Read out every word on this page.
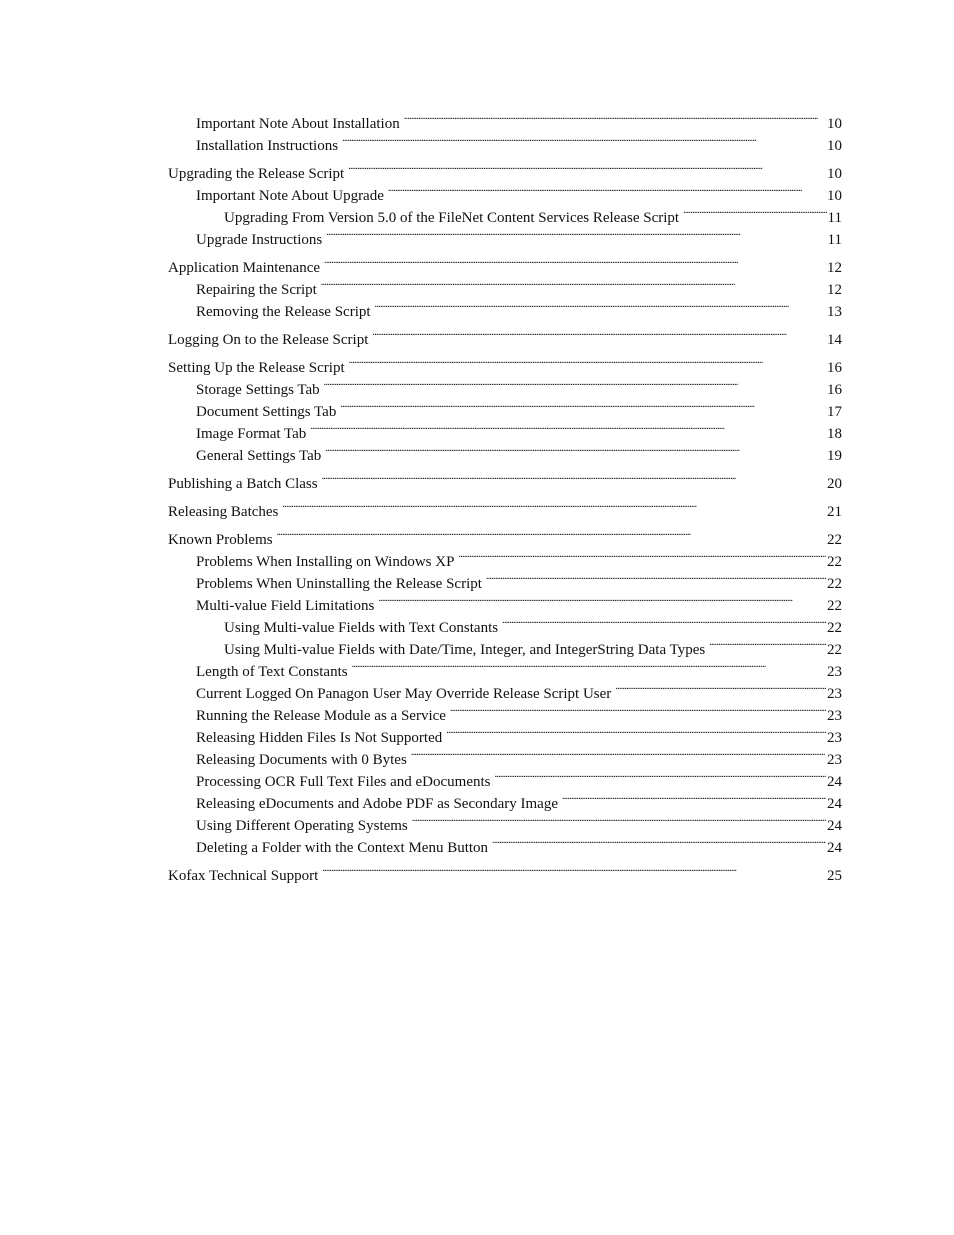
Important Note About Installation . . .	10
Installation Instructions . . .	10
Upgrading the Release Script . . .	10
Important Note About Upgrade . . .	10
Upgrading From Version 5.0 of the FileNet Content Services Release Script . . .	11
Upgrade Instructions . . .	11
Application Maintenance . . .	12
Repairing the Script . . .	12
Removing the Release Script . . .	13
Logging On to the Release Script . . .	14
Setting Up the Release Script . . .	16
Storage Settings Tab . . .	16
Document Settings Tab . . .	17
Image Format Tab . . .	18
General Settings Tab . . .	19
Publishing a Batch Class . . .	20
Releasing Batches . . .	21
Known Problems . . .	22
Problems When Installing on Windows XP . . .	22
Problems When Uninstalling the Release Script . . .	22
Multi-value Field Limitations . . .	22
Using Multi-value Fields with Text Constants . . .	22
Using Multi-value Fields with Date/Time, Integer, and IntegerString Data Types . . .	22
Length of Text Constants . . .	23
Current Logged On Panagon User May Override Release Script User . . .	23
Running the Release Module as a Service . . .	23
Releasing Hidden Files Is Not Supported . . .	23
Releasing Documents with 0 Bytes . . .	23
Processing OCR Full Text Files and eDocuments . . .	24
Releasing eDocuments and Adobe PDF as Secondary Image . . .	24
Using Different Operating Systems . . .	24
Deleting a Folder with the Context Menu Button . . .	24
Kofax Technical Support . . .	25
